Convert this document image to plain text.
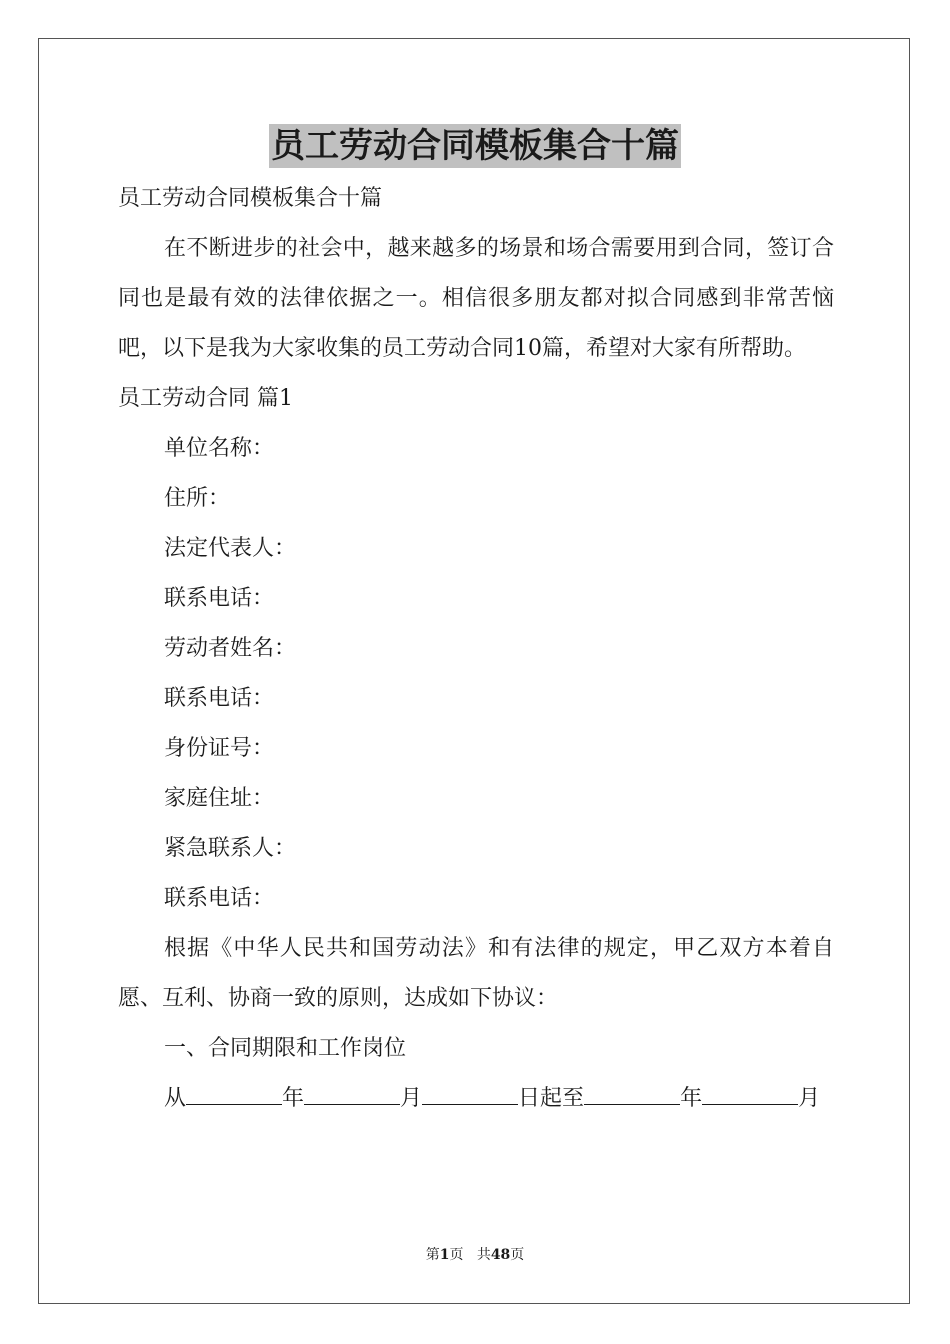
员工劳动合同模板集合十篇

员工劳动合同模板集合十篇

在不断进步的社会中，越来越多的场景和场合需要用到合同，签订合同也是最有效的法律依据之一。相信很多朋友都对拟合同感到非常苦恼吧，以下是我为大家收集的员工劳动合同10篇，希望对大家有所帮助。

员工劳动合同 篇1

单位名称：

住所：

法定代表人：

联系电话：

劳动者姓名：

联系电话：

身份证号：

家庭住址：

紧急联系人：

联系电话：

根据《中华人民共和国劳动法》和有法律的规定，甲乙双方本着自愿、互利、协商一致的原则，达成如下协议：

一、合同期限和工作岗位

从	年	月	日起至	年	月

第1页 共48页
